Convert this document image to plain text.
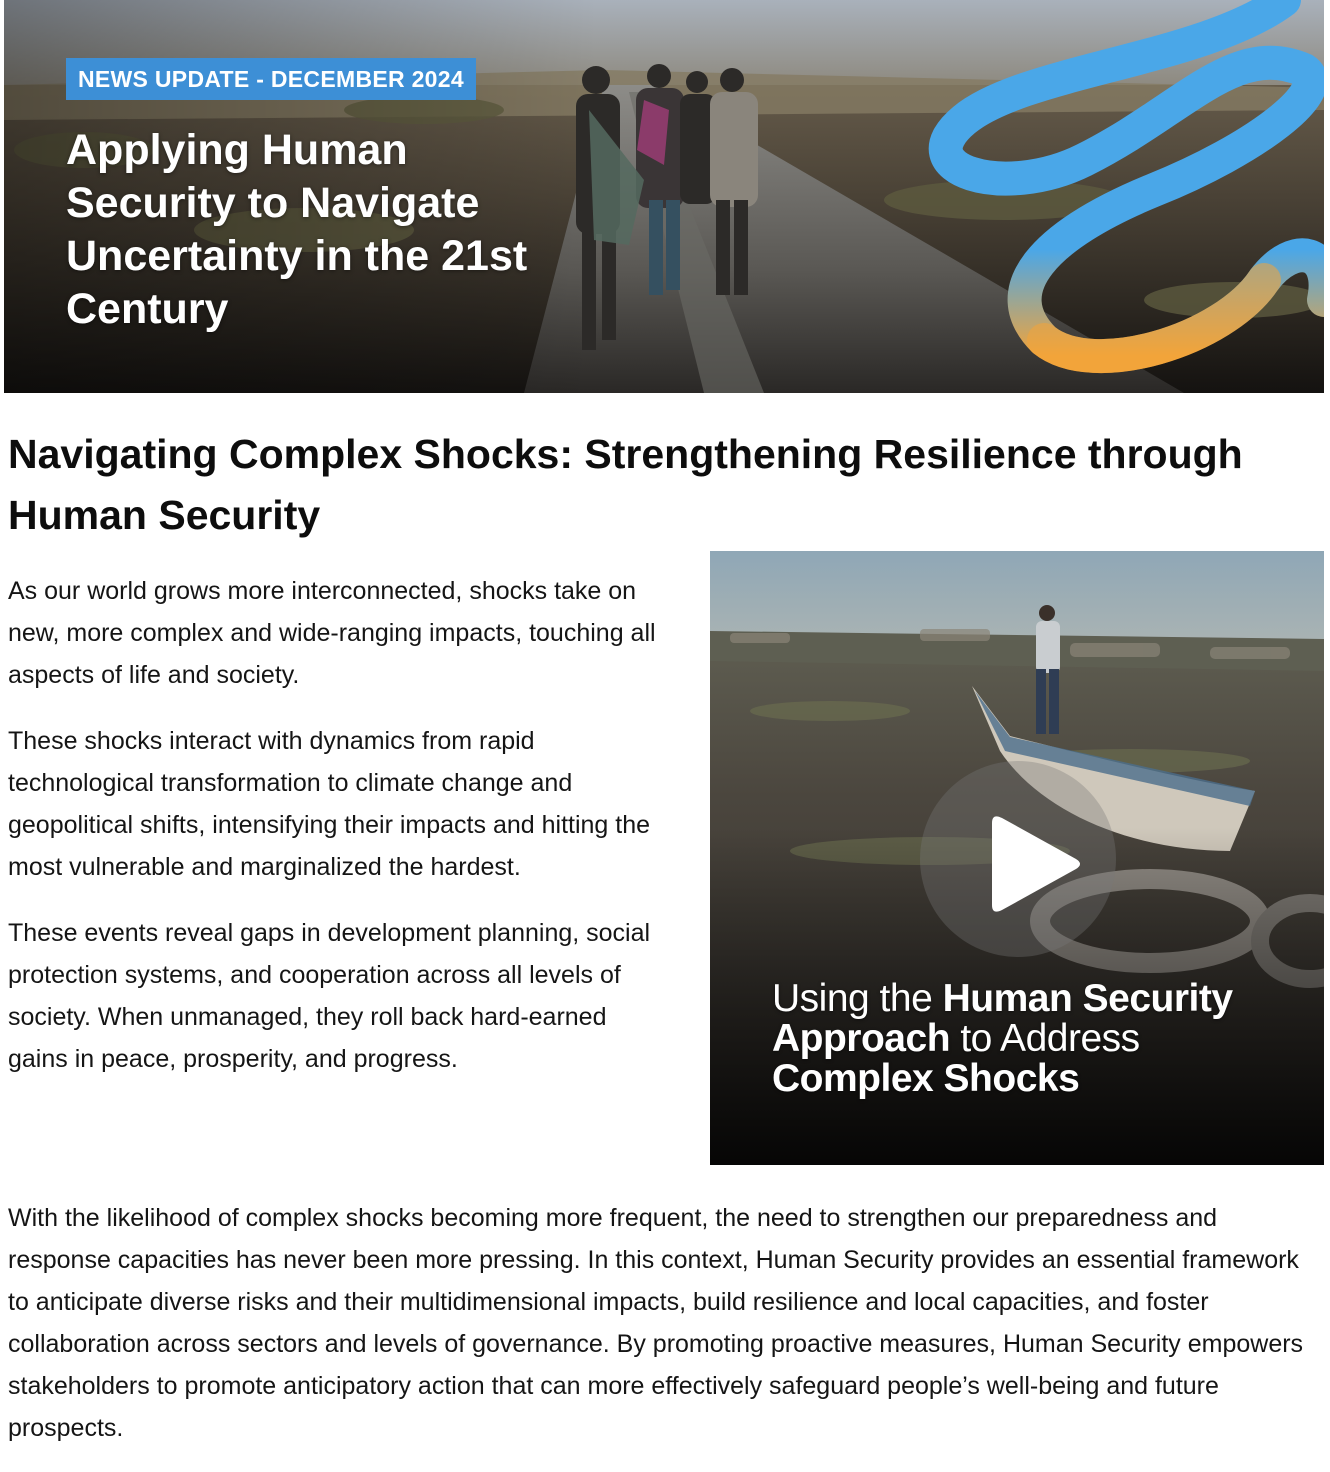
NEWS UPDATE - DECEMBER 2024
Applying Human Security to Navigate Uncertainty in the 21st Century
Navigating Complex Shocks: Strengthening Resilience through Human Security

As our world grows more interconnected, shocks take on new, more complex and wide-ranging impacts, touching all aspects of life and society.

These shocks interact with dynamics from rapid technological transformation to climate change and geopolitical shifts, intensifying their impacts and hitting the most vulnerable and marginalized the hardest.

These events reveal gaps in development planning, social protection systems, and cooperation across all levels of society. When unmanaged, they roll back hard-earned gains in peace, prosperity, and progress.

Using the Human Security Approach to Address Complex Shocks

With the likelihood of complex shocks becoming more frequent, the need to strengthen our preparedness and response capacities has never been more pressing. In this context, Human Security provides an essential framework to anticipate diverse risks and their multidimensional impacts, build resilience and local capacities, and foster collaboration across sectors and levels of governance. By promoting proactive measures, Human Security empowers stakeholders to promote anticipatory action that can more effectively safeguard people’s well-being and future prospects.
